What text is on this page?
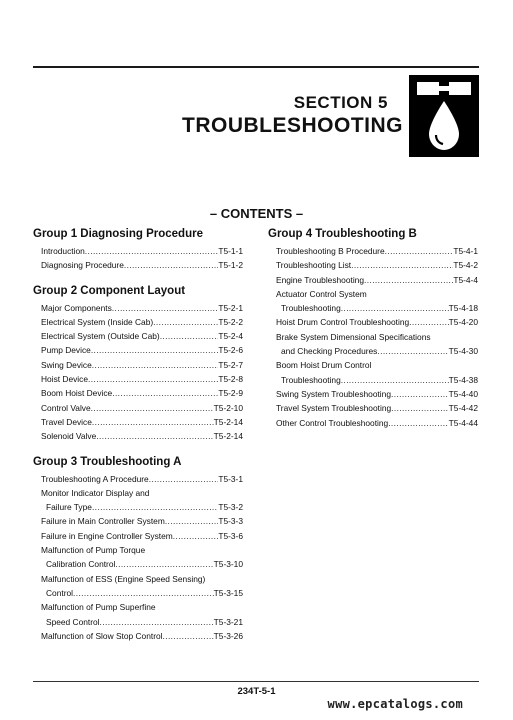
SECTION 5
TROUBLESHOOTING
– CONTENTS –
Group 1 Diagnosing Procedure
Introduction .....	T5-1-1
Diagnosing Procedure .....	T5-1-2
Group 2 Component Layout
Major Components .....	T5-2-1
Electrical System (Inside Cab) .....	T5-2-2
Electrical System (Outside Cab) .....	T5-2-4
Pump Device .....	T5-2-6
Swing Device .....	T5-2-7
Hoist Device .....	T5-2-8
Boom Hoist Device .....	T5-2-9
Control Valve .....	T5-2-10
Travel Device .....	T5-2-14
Solenoid Valve .....	T5-2-14
Group 3 Troubleshooting A
Troubleshooting A Procedure .....	T5-3-1
Monitor Indicator Display and
Failure Type .....	T5-3-2
Failure in Main Controller System .....	T5-3-3
Failure in Engine Controller System .....	T5-3-6
Malfunction of Pump Torque
Calibration Control .....	T5-3-10
Malfunction of ESS (Engine Speed Sensing)
Control .....	T5-3-15
Malfunction of Pump Superfine
Speed Control .....	T5-3-21
Malfunction of Slow Stop Control .....	T5-3-26
Group 4 Troubleshooting B
Troubleshooting B Procedure .....	T5-4-1
Troubleshooting List .....	T5-4-2
Engine Troubleshooting .....	T5-4-4
Actuator Control System
Troubleshooting .....	T5-4-18
Hoist Drum Control Troubleshooting .....	T5-4-20
Brake System Dimensional Specifications
and Checking Procedures .....	T5-4-30
Boom Hoist Drum Control
Troubleshooting .....	T5-4-38
Swing System Troubleshooting .....	T5-4-40
Travel System Troubleshooting .....	T5-4-42
Other Control Troubleshooting .....	T5-4-44
234T-5-1
www.epcatalogs.com
